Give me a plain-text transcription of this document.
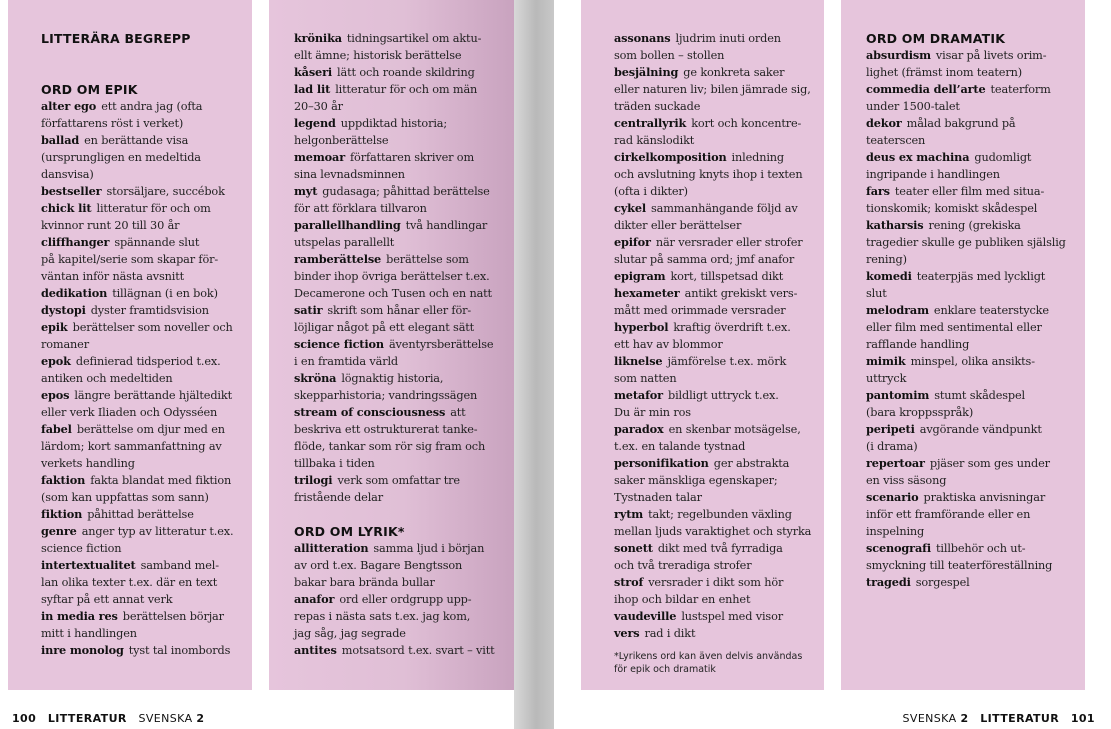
LITTERÄRA BEGREPP
ORD OM EPIK
alter ego ett andra jag (ofta
författarens röst i verket)
ballad en berättande visa
(ursprungligen en medeltida
dansvisa)
bestseller storsäljare, succébok
chick lit litteratur för och om
kvinnor runt 20 till 30 år
cliffhanger spännande slut
på kapitel/serie som skapar för-
väntan inför nästa avsnitt
dedikation tillägnan (i en bok)
dystopi dyster framtidsvision
epik berättelser som noveller och
romaner
epok definierad tidsperiod t.ex.
antiken och medeltiden
epos längre berättande hjältedikt
eller verk Iliaden och Odysséen
fabel berättelse om djur med en
lärdom; kort sammanfattning av
verkets handling
faktion fakta blandat med fiktion
(som kan uppfattas som sann)
fiktion påhittad berättelse
genre anger typ av litteratur t.ex.
science fiction
intertextualitet samband mel-
lan olika texter t.ex. där en text
syftar på ett annat verk
in media res berättelsen börjar
mitt i handlingen
inre monolog tyst tal inombords
krönika tidningsartikel om aktu-
ellt ämne; historisk berättelse
kåseri lätt och roande skildring
lad lit litteratur för och om män
20–30 år
legend uppdiktad historia;
helgonberättelse
memoar författaren skriver om
sina levnadsminnen
myt gudasaga; påhittad berättelse
för att förklara tillvaron
parallellhandling två handlingar
utspelas parallellt
ramberättelse berättelse som
binder ihop övriga berättelser t.ex.
Decamerone och Tusen och en natt
satir skrift som hånar eller för-
löjligar något på ett elegant sätt
science fiction äventyrsberättelse
i en framtida värld
skröna lögnaktig historia,
skepparhistoria; vandringssägen
stream of consciousness att
beskriva ett ostrukturerat tanke-
flöde, tankar som rör sig fram och
tillbaka i tiden
trilogi verk som omfattar tre
fristående delar
ORD OM LYRIK*
allitteration samma ljud i början
av ord t.ex. Bagare Bengtsson
bakar bara brända bullar
anafor ord eller ordgrupp upp-
repas i nästa sats t.ex. jag kom,
jag såg, jag segrade
antites motsatsord t.ex. svart – vitt
assonans ljudrim inuti orden
som bollen – stollen
besjälning ge konkreta saker
eller naturen liv; bilen jämrade sig,
träden suckade
centrallyrik kort och koncentre-
rad känslodikt
cirkelkomposition inledning
och avslutning knyts ihop i texten
(ofta i dikter)
cykel sammanhängande följd av
dikter eller berättelser
epifor när versrader eller strofer
slutar på samma ord; jmf anafor
epigram kort, tillspetsad dikt
hexameter antikt grekiskt vers-
mått med orimmade versrader
hyperbol kraftig överdrift t.ex.
ett hav av blommor
liknelse jämförelse t.ex. mörk
som natten
metafor bildligt uttryck t.ex.
Du är min ros
paradox en skenbar motsägelse,
t.ex. en talande tystnad
personifikation ger abstrakta
saker mänskliga egenskaper;
Tystnaden talar
rytm takt; regelbunden växling
mellan ljuds varaktighet och styrka
sonett dikt med två fyrradiga
och två treradiga strofer
strof versrader i dikt som hör
ihop och bildar en enhet
vaudeville lustspel med visor
vers rad i dikt
*Lyrikens ord kan även delvis användas
för epik och dramatik
ORD OM DRAMATIK
absurdism visar på livets orim-
lighet (främst inom teatern)
commedia dell’arte teaterform
under 1500-talet
dekor målad bakgrund på
teaterscen
deus ex machina gudomligt
ingripande i handlingen
fars teater eller film med situa-
tionskomik; komiskt skådespel
katharsis rening (grekiska
tragedier skulle ge publiken själslig
rening)
komedi teaterpjäs med lyckligt
slut
melodram enklare teaterstycke
eller film med sentimental eller
rafflande handling
mimik minspel, olika ansikts-
uttryck
pantomim stumt skådespel
(bara kroppsspråk)
peripeti avgörande vändpunkt
(i drama)
repertoar pjäser som ges under
en viss säsong
scenario praktiska anvisningar
inför ett framförande eller en
inspelning
scenografi tillbehör och ut-
smyckning till teaterföreställning
tragedi sorgespel
100 LITTERATUR SVENSKA 2	SVENSKA 2 LITTERATUR 101
